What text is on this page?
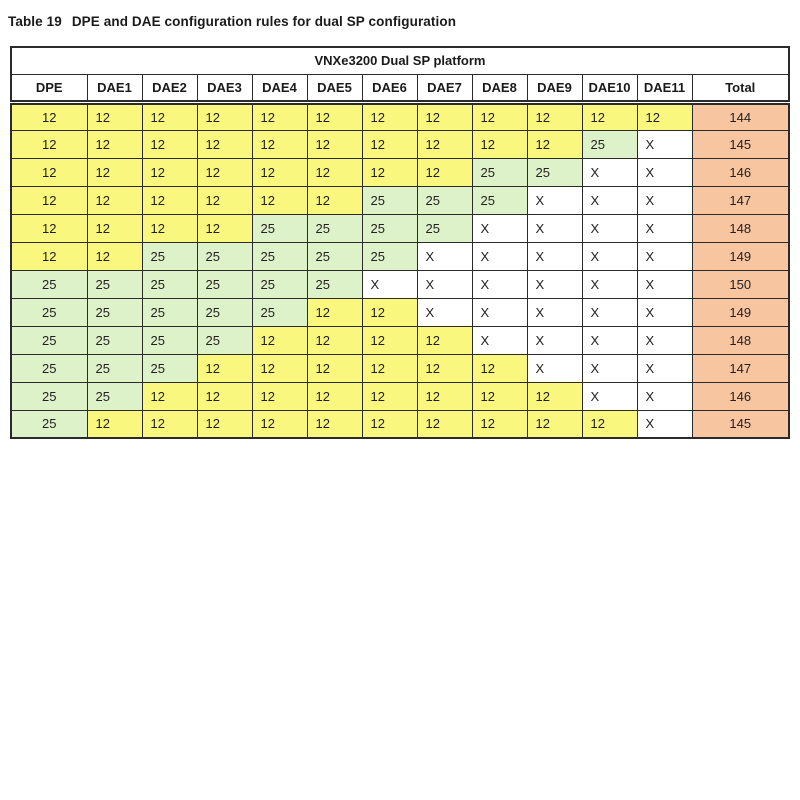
Table 19 DPE and DAE configuration rules for dual SP configuration

VNXe3200 Dual SP platform												
DPE	DAE1	DAE2	DAE3	DAE4	DAE5	DAE6	DAE7	DAE8	DAE9	DAE10	DAE11	Total
12	12	12	12	12	12	12	12	12	12	12	12	144
12	12	12	12	12	12	12	12	12	12	25	X	145
12	12	12	12	12	12	12	12	25	25	X	X	146
12	12	12	12	12	12	25	25	25	X	X	X	147
12	12	12	12	25	25	25	25	X	X	X	X	148
12	12	25	25	25	25	25	X	X	X	X	X	149
25	25	25	25	25	25	X	X	X	X	X	X	150
25	25	25	25	25	12	12	X	X	X	X	X	149
25	25	25	25	12	12	12	12	X	X	X	X	148
25	25	25	12	12	12	12	12	12	X	X	X	147
25	25	12	12	12	12	12	12	12	12	X	X	146
25	12	12	12	12	12	12	12	12	12	12	X	145
